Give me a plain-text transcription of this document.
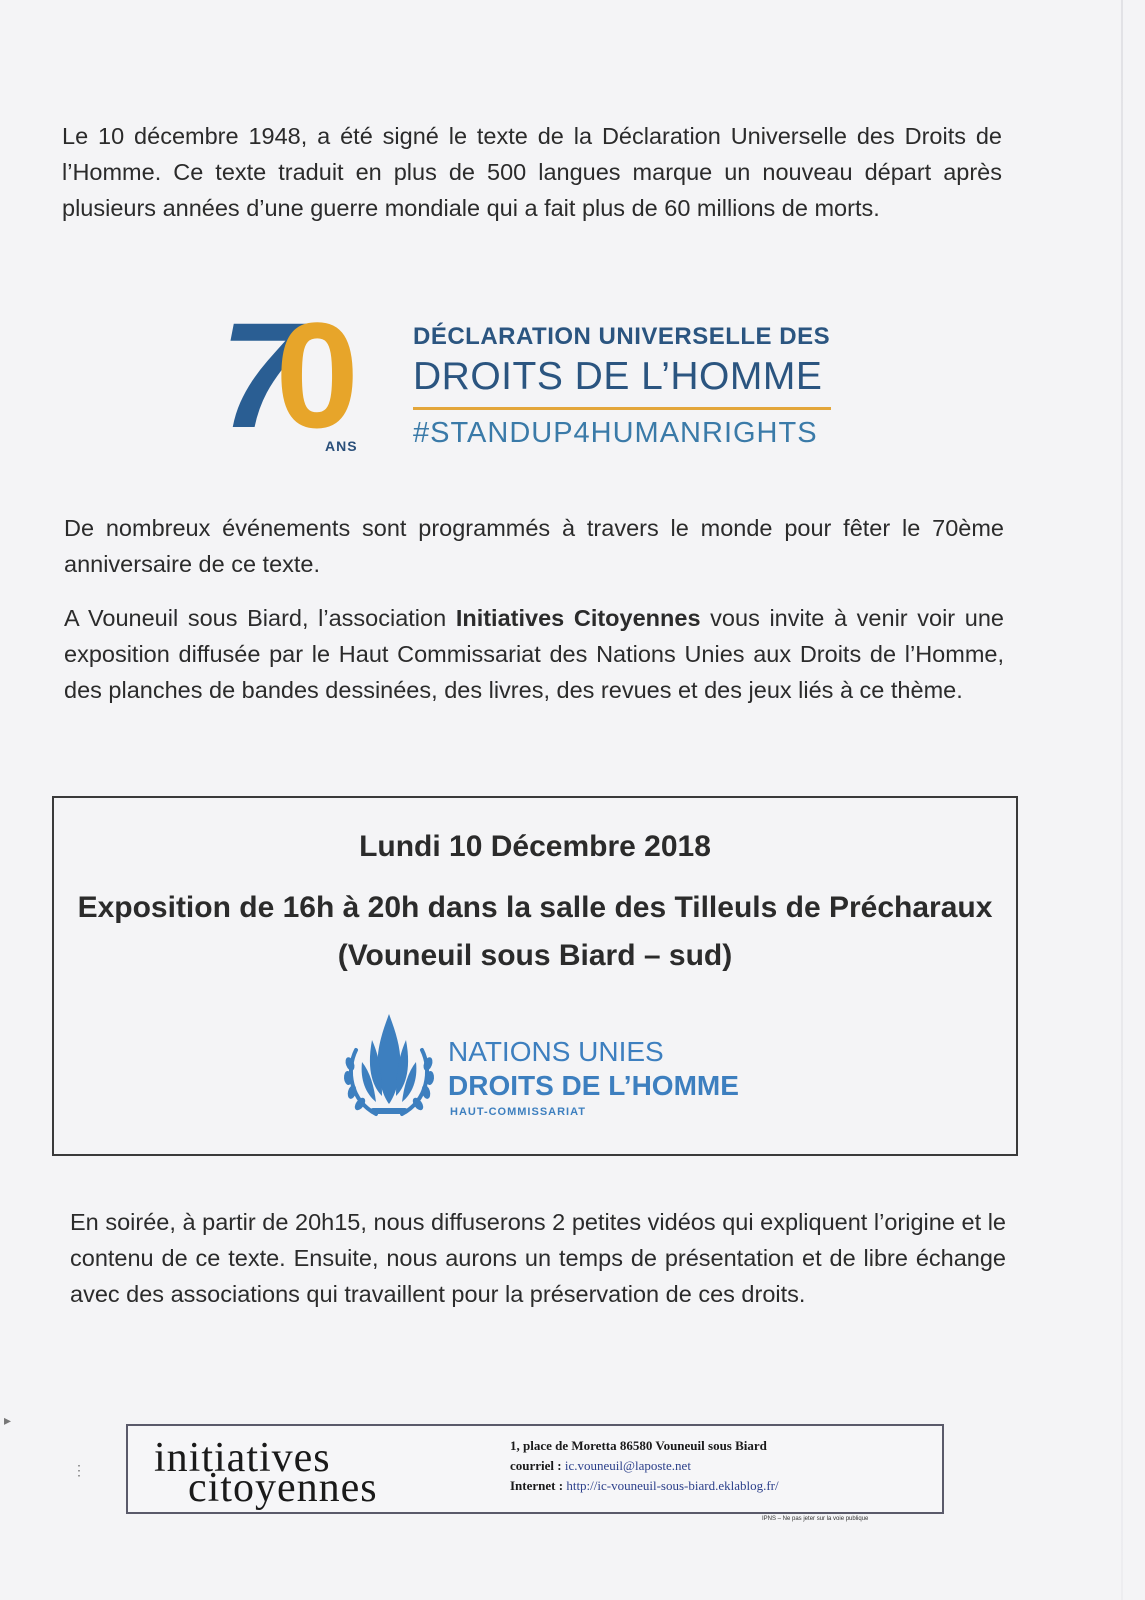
▸
⋮

Le 10 décembre 1948, a été signé le texte de la Déclaration Universelle des Droits de l’Homme. Ce texte traduit en plus de 500 langues marque un nouveau départ après plusieurs années d’une guerre mondiale qui a fait plus de 60 millions de morts.

70
ANS
DÉCLARATION UNIVERSELLE DES
DROITS DE L’HOMME
#STANDUP4HUMANRIGHTS

De nombreux événements sont programmés à travers le monde pour fêter le 70ème anniversaire de ce texte.

A Vouneuil sous Biard, l’association Initiatives Citoyennes vous invite à venir voir une exposition diffusée par le Haut Commissariat des Nations Unies aux Droits de l’Homme, des planches de bandes dessinées, des livres, des revues et des jeux liés à ce thème.

Lundi 10 Décembre 2018

Exposition de 16h à 20h dans la salle des Tilleuls de Précharaux (Vouneuil sous Biard – sud)

NATIONS UNIES
DROITS DE L’HOMME
HAUT-COMMISSARIAT

En soirée, à partir de 20h15, nous diffuserons 2 petites vidéos qui expliquent l’origine et le contenu de ce texte. Ensuite, nous aurons un temps de présentation et de libre échange avec des associations qui travaillent pour la préservation de ces droits.

initiatives
citoyennes
1, place de Moretta 86580 Vouneuil sous Biard
courriel : ic.vouneuil@laposte.net
Internet : http://ic-vouneuil-sous-biard.eklablog.fr/
IPNS – Ne pas jeter sur la voie publique
